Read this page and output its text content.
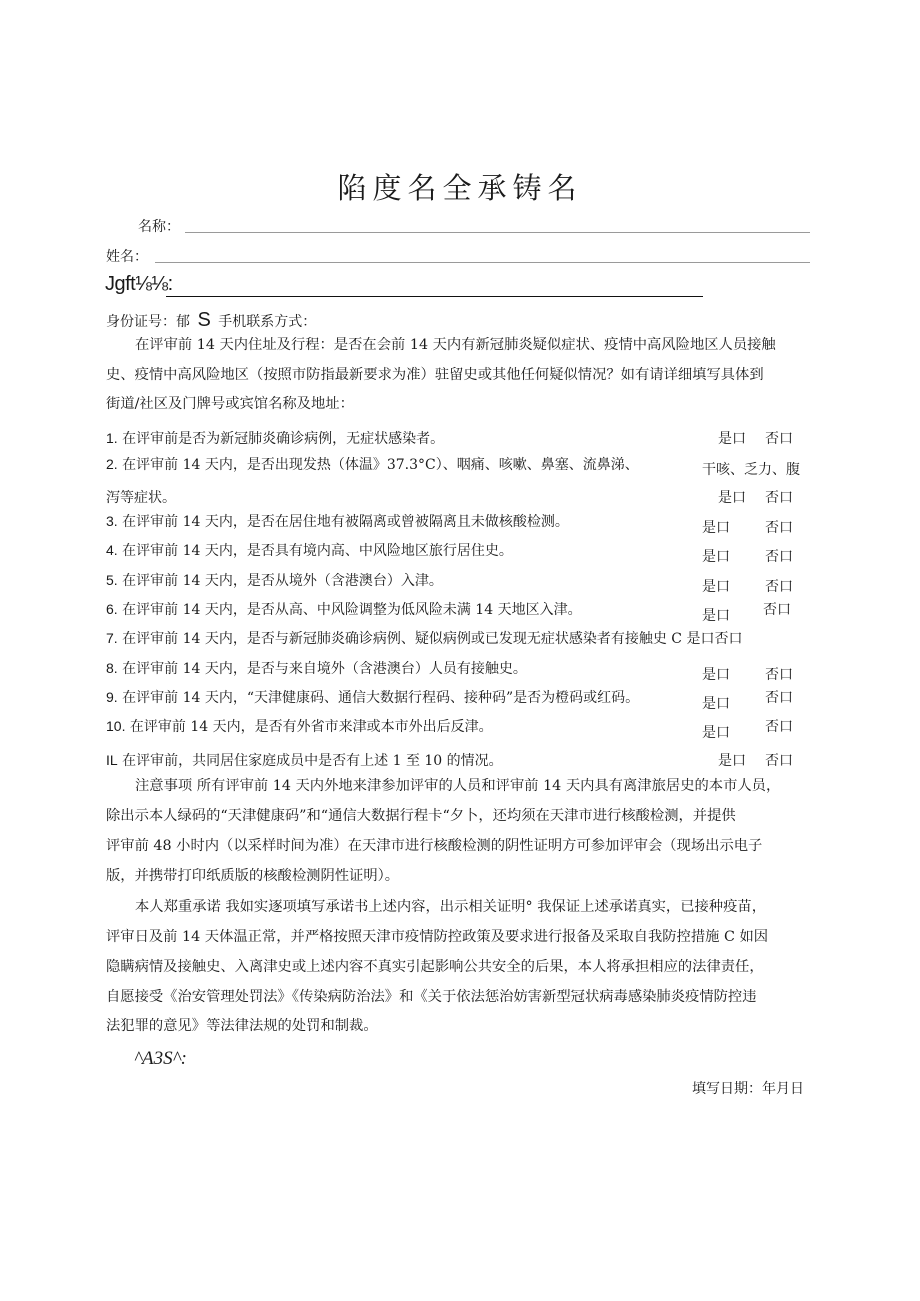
陷度名全承铸名
名称：
姓名：
Jgft⅛⅛:
身份证号：郁 S 手机联系方式：
在评审前 14 天内住址及行程：是否在会前 14 天内有新冠肺炎疑似症状、疫情中高风险地区人员接触
史、疫情中高风险地区（按照市防指最新要求为准）驻留史或其他任何疑似情况？如有请详细填写具体到
街道/社区及门牌号或宾馆名称及地址：
1. 在评审前是否为新冠肺炎确诊病例，无症状感染者。	是口 否口
2. 在评审前 14 天内，是否出现发热（体温》37.3°C）、咽痛、咳嗽、鼻塞、流鼻涕、	干咳、乏力、腹
泻等症状。	是口 否口
3. 在评审前 14 天内，是否在居住地有被隔离或曾被隔离且未做核酸检测。	是口	否口
4. 在评审前 14 天内，是否具有境内高、中风险地区旅行居住史。	是口	否口
5. 在评审前 14 天内，是否从境外（含港澳台）入津。	是口	否口
6. 在评审前 14 天内，是否从高、中风险调整为低风险未满 14 天地区入津。	是口 否口
7. 在评审前 14 天内，是否与新冠肺炎确诊病例、疑似病例或已发现无症状感染者有接触史 C 是口否口
8. 在评审前 14 天内，是否与来自境外（含港澳台）人员有接触史。	是口	否口
9. 在评审前 14 天内，“天津健康码、通信大数据行程码、接种码”是否为橙码或红码。	是口	否口
10. 在评审前 14 天内，是否有外省市来津或本市外出后反津。	是口	否口
IL 在评审前，共同居住家庭成员中是否有上述 1 至 10 的情况。	是口 否口
注意事项 所有评审前 14 天内外地来津参加评审的人员和评审前 14 天内具有离津旅居史的本市人员，
除出示本人绿码的“天津健康码”和“通信大数据行程卡“夕卜，还均须在天津市进行核酸检测，并提供
评审前 48 小时内（以采样时间为准）在天津市进行核酸检测的阴性证明方可参加评审会（现场出示电子
版，并携带打印纸质版的核酸检测阴性证明）。
本人郑重承诺 我如实逐项填写承诺书上述内容，出示相关证明° 我保证上述承诺真实，已接种疫苗，
评审日及前 14 天体温正常，并严格按照天津市疫情防控政策及要求进行报备及采取自我防控措施 C 如因
隐瞒病情及接触史、入离津史或上述内容不真实引起影响公共安全的后果，本人将承担相应的法律责任，
自愿接受《治安管理处罚法》《传染病防治法》和《关于依法惩治妨害新型冠状病毒感染肺炎疫情防控违
法犯罪的意见》等法律法规的处罚和制裁。
^A3S^:
填写日期：年月日
